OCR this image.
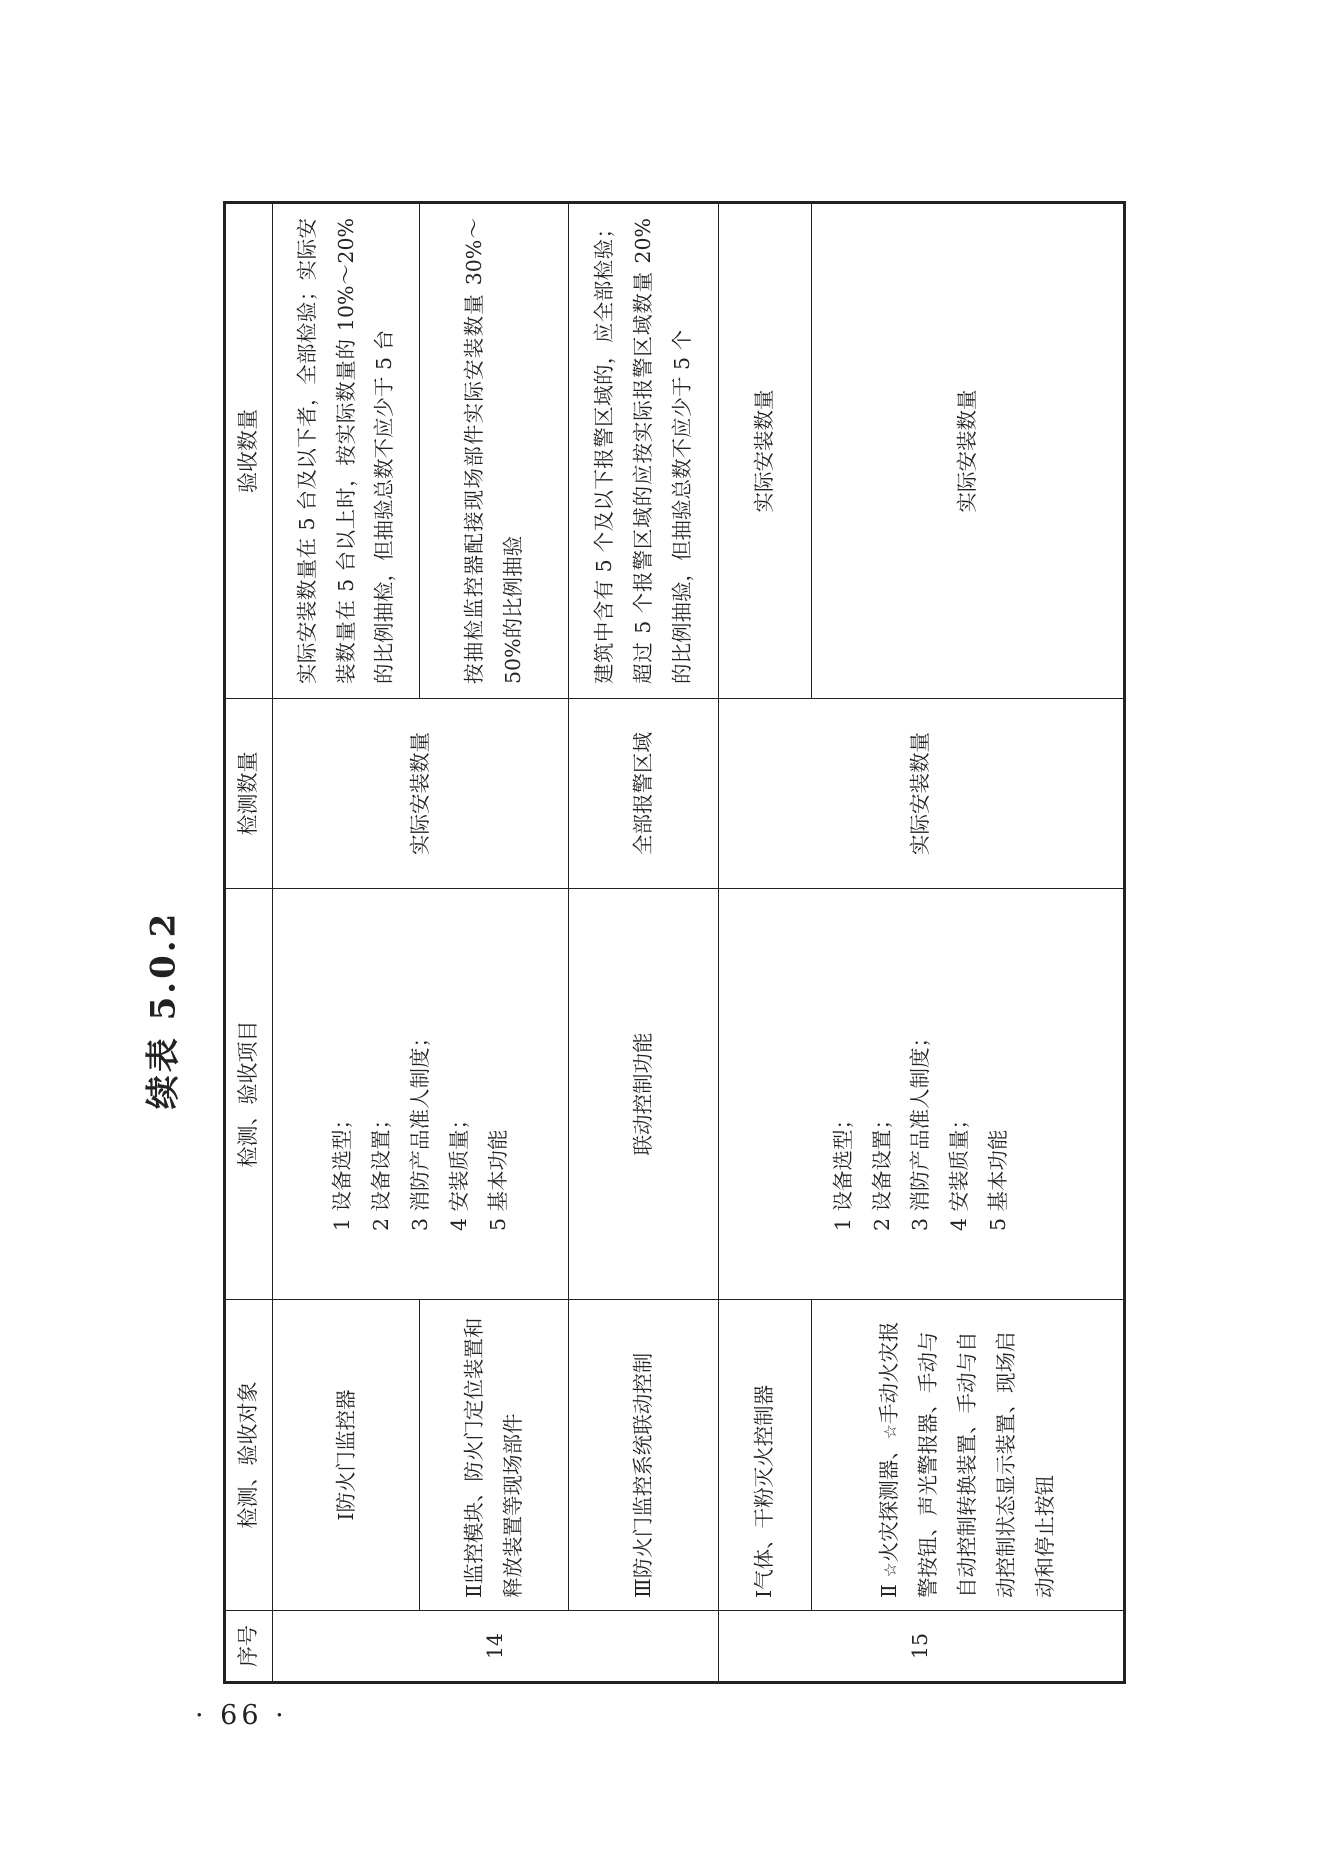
· 66 ·
续表 5.0.2
序号	检测、验收对象	检测、验收项目	检测数量	验收数量
14	Ⅰ防火门监控器	1 设备选型； 2 设备设置； 3 消防产品准人制度； 4 安装质量； 5 基本功能	实际安装数量	实际安装数量在 5 台及以下者，全部检验；实际安装数量在 5 台以上时，按实际数量的 10%～20%的比例抽检，但抽验总数不应少于 5 台
	Ⅱ监控模块、防火门定位装置和释放装置等现场部件			按抽检监控器配接现场部件实际安装数量 30%～50%的比例抽验
	Ⅲ防火门监控系统联动控制	联动控制功能	全部报警区域	建筑中含有 5 个及以下报警区域的，应全部检验；超过 5 个报警区域的应按实际报警区域数量 20%的比例抽验，但抽验总数不应少于 5 个
15	Ⅰ气体、干粉灭火控制器	1 设备选型； 2 设备设置； 3 消防产品准人制度； 4 安装质量； 5 基本功能	实际安装数量	实际安装数量
	Ⅱ ☆火灾探测器、☆手动火灾报警按钮、声光警报器、手动与自动控制转换装置、手动与自动控制状态显示装置、现场启动和停止按钮			实际安装数量
